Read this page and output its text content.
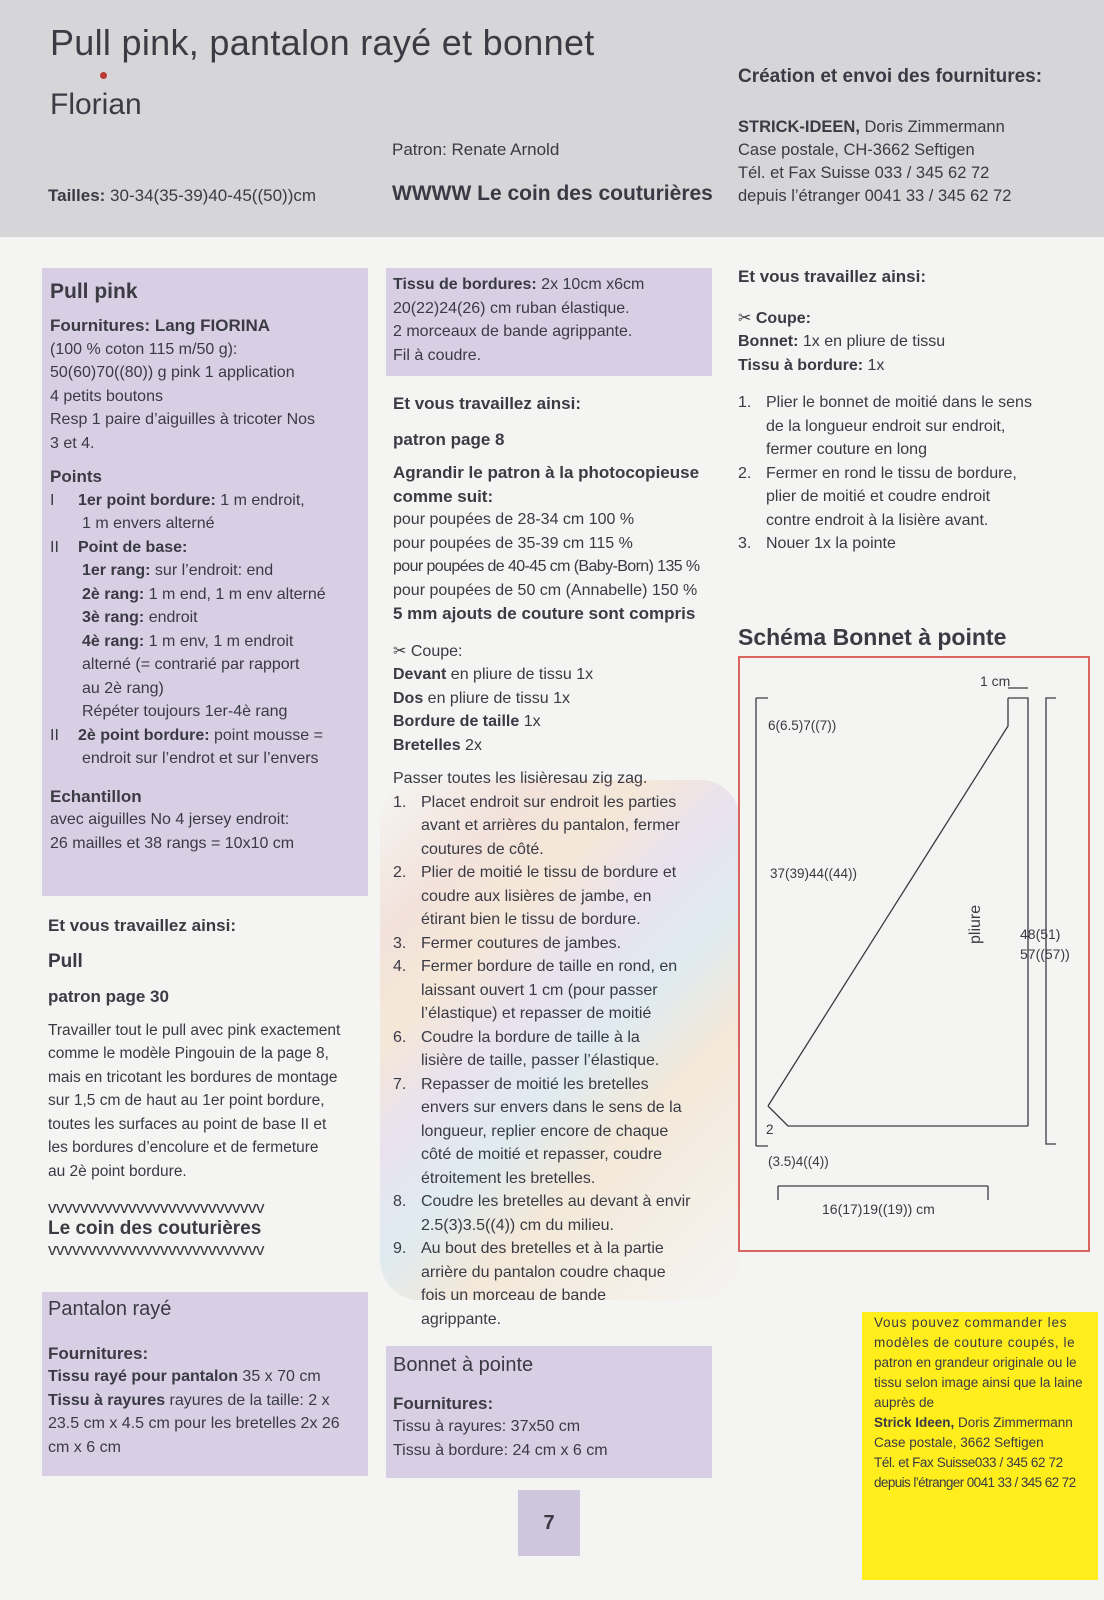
Pull pink, pantalon rayé et bonnet
Florian
Tailles: 30-34(35-39)40-45((50))cm
Patron: Renate Arnold
WWWW Le coin des couturières
Création et envoi des fournitures:
STRICK-IDEEN, Doris Zimmermann
Case postale, CH-3662 Seftigen
Tél. et Fax Suisse 033 / 345 62 72
depuis l’étranger 0041 33 / 345 62 72
Pull pink
Fournitures: Lang FIORINA
(100 % coton 115 m/50 g):
50(60)70((80)) g pink 1 application
4 petits boutons
Resp 1 paire d’aiguilles à tricoter Nos
3 et 4.
Points
I 1er point bordure: 1 m endroit,
1 m envers alterné
II Point de base:
1er rang: sur l’endroit: end
2è rang: 1 m end, 1 m env alterné
3è rang: endroit
4è rang: 1 m env, 1 m endroit
alterné (= contrarié par rapport
au 2è rang)
Répéter toujours 1er-4è rang
II 2è point bordure: point mousse =
endroit sur l’endrot et sur l’envers
Echantillon
avec aiguilles No 4 jersey endroit:
26 mailles et 38 rangs = 10x10 cm
Et vous travaillez ainsi:
Pull
patron page 30
Travailler tout le pull avec pink exactement
comme le modèle Pingouin de la page 8,
mais en tricotant les bordures de montage
sur 1,5 cm de haut au 1er point bordure,
toutes les surfaces au point de base II et
les bordures d’encolure et de fermeture
au 2è point bordure.
vvvvvvvvvvvvvvvvvvvvvvvvvvv
Le coin des couturières
vvvvvvvvvvvvvvvvvvvvvvvvvvv
Pantalon rayé
Fournitures:
Tissu rayé pour pantalon 35 x 70 cm
Tissu à rayures rayures de la taille: 2 x
23.5 cm x 4.5 cm pour les bretelles 2x 26
cm x 6 cm
Tissu de bordures: 2x 10cm x6cm
20(22)24(26) cm ruban élastique.
2 morceaux de bande agrippante.
Fil à coudre.
Et vous travaillez ainsi:
patron page 8
Agrandir le patron à la photocopieuse
comme suit:
pour poupées de 28-34 cm 100 %
pour poupées de 35-39 cm 115 %
pour poupées de 40-45 cm (Baby-Born) 135 %
pour poupées de 50 cm (Annabelle) 150 %
5 mm ajouts de couture sont compris
✂ Coupe:
Devant en pliure de tissu 1x
Dos en pliure de tissu 1x
Bordure de taille 1x
Bretelles 2x
Passer toutes les lisièresau zig zag.
1. Placet endroit sur endroit les parties
avant et arrières du pantalon, fermer
coutures de côté.
2. Plier de moitié le tissu de bordure et
coudre aux lisières de jambe, en
étirant bien le tissu de bordure.
3. Fermer coutures de jambes.
4. Fermer bordure de taille en rond, en
laissant ouvert 1 cm (pour passer
l’élastique) et repasser de moitié
6. Coudre la bordure de taille à la
lisière de taille, passer l’élastique.
7. Repasser de moitié les bretelles
envers sur envers dans le sens de la
longueur, replier encore de chaque
côté de moitié et repasser, coudre
étroitement les bretelles.
8. Coudre les bretelles au devant à envir
2.5(3)3.5((4)) cm du milieu.
9. Au bout des bretelles et à la partie
arrière du pantalon coudre chaque
fois un morceau de bande
agrippante.
Bonnet à pointe
Fournitures:
Tissu à rayures: 37x50 cm
Tissu à bordure: 24 cm x 6 cm
Et vous travaillez ainsi:
✂ Coupe:
Bonnet: 1x en pliure de tissu
Tissu à bordure: 1x
1. Plier le bonnet de moitié dans le sens
de la longueur endroit sur endroit,
fermer couture en long
2. Fermer en rond le tissu de bordure,
plier de moitié et coudre endroit
contre endroit à la lisière avant.
3. Nouer 1x la pointe
Schéma Bonnet à pointe
1 cm
6(6.5)7((7))
37(39)44((44))
pliure	48(51)
57((57))
2
(3.5)4((4))
16(17)19((19)) cm
Vous pouvez commander les
modèles de couture coupés, le
patron en grandeur originale ou le
tissu selon image ainsi que la laine
auprès de
Strick Ideen, Doris Zimmermann
Case postale, 3662 Seftigen
Tél. et Fax Suisse033 / 345 62 72
depuis l’étranger 0041 33 / 345 62 72
7
